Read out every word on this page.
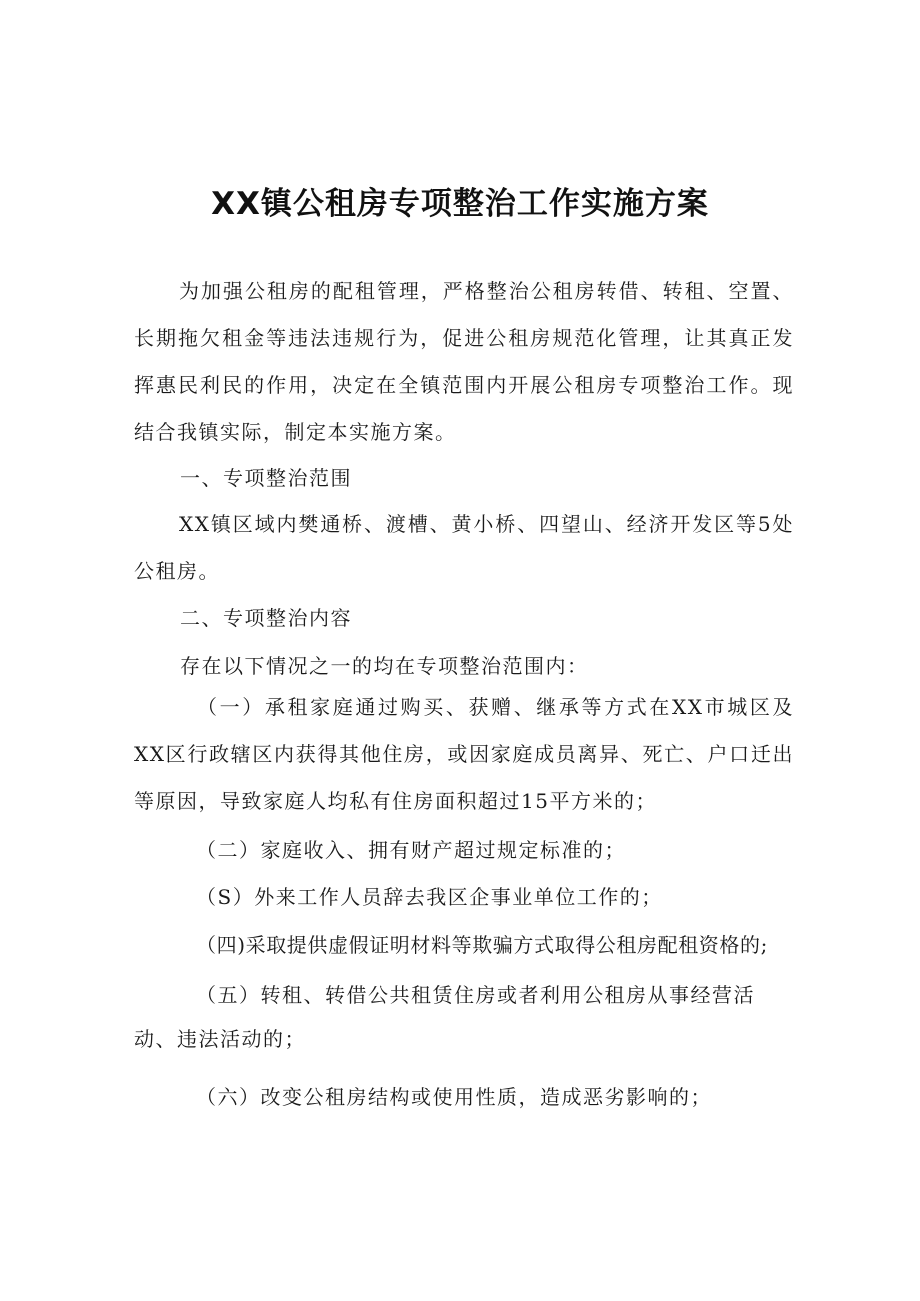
XX镇公租房专项整治工作实施方案

为加强公租房的配租管理，严格整治公租房转借、转租、空置、长期拖欠租金等违法违规行为，促进公租房规范化管理，让其真正发挥惠民利民的作用，决定在全镇范围内开展公租房专项整治工作。现结合我镇实际，制定本实施方案。

一、专项整治范围

XX镇区域内樊通桥、渡槽、黄小桥、四望山、经济开发区等5处公租房。

二、专项整治内容

存在以下情况之一的均在专项整治范围内：

（一）承租家庭通过购买、获赠、继承等方式在XX市城区及XX区行政辖区内获得其他住房，或因家庭成员离异、死亡、户口迁出等原因，导致家庭人均私有住房面积超过15平方米的；

（二）家庭收入、拥有财产超过规定标准的；

（S）外来工作人员辞去我区企事业单位工作的；

（四)采取提供虚假证明材料等欺骗方式取得公租房配租资格的;

（五）转租、转借公共租赁住房或者利用公租房从事经营活

动、违法活动的；

（六）改变公租房结构或使用性质，造成恶劣影响的；
